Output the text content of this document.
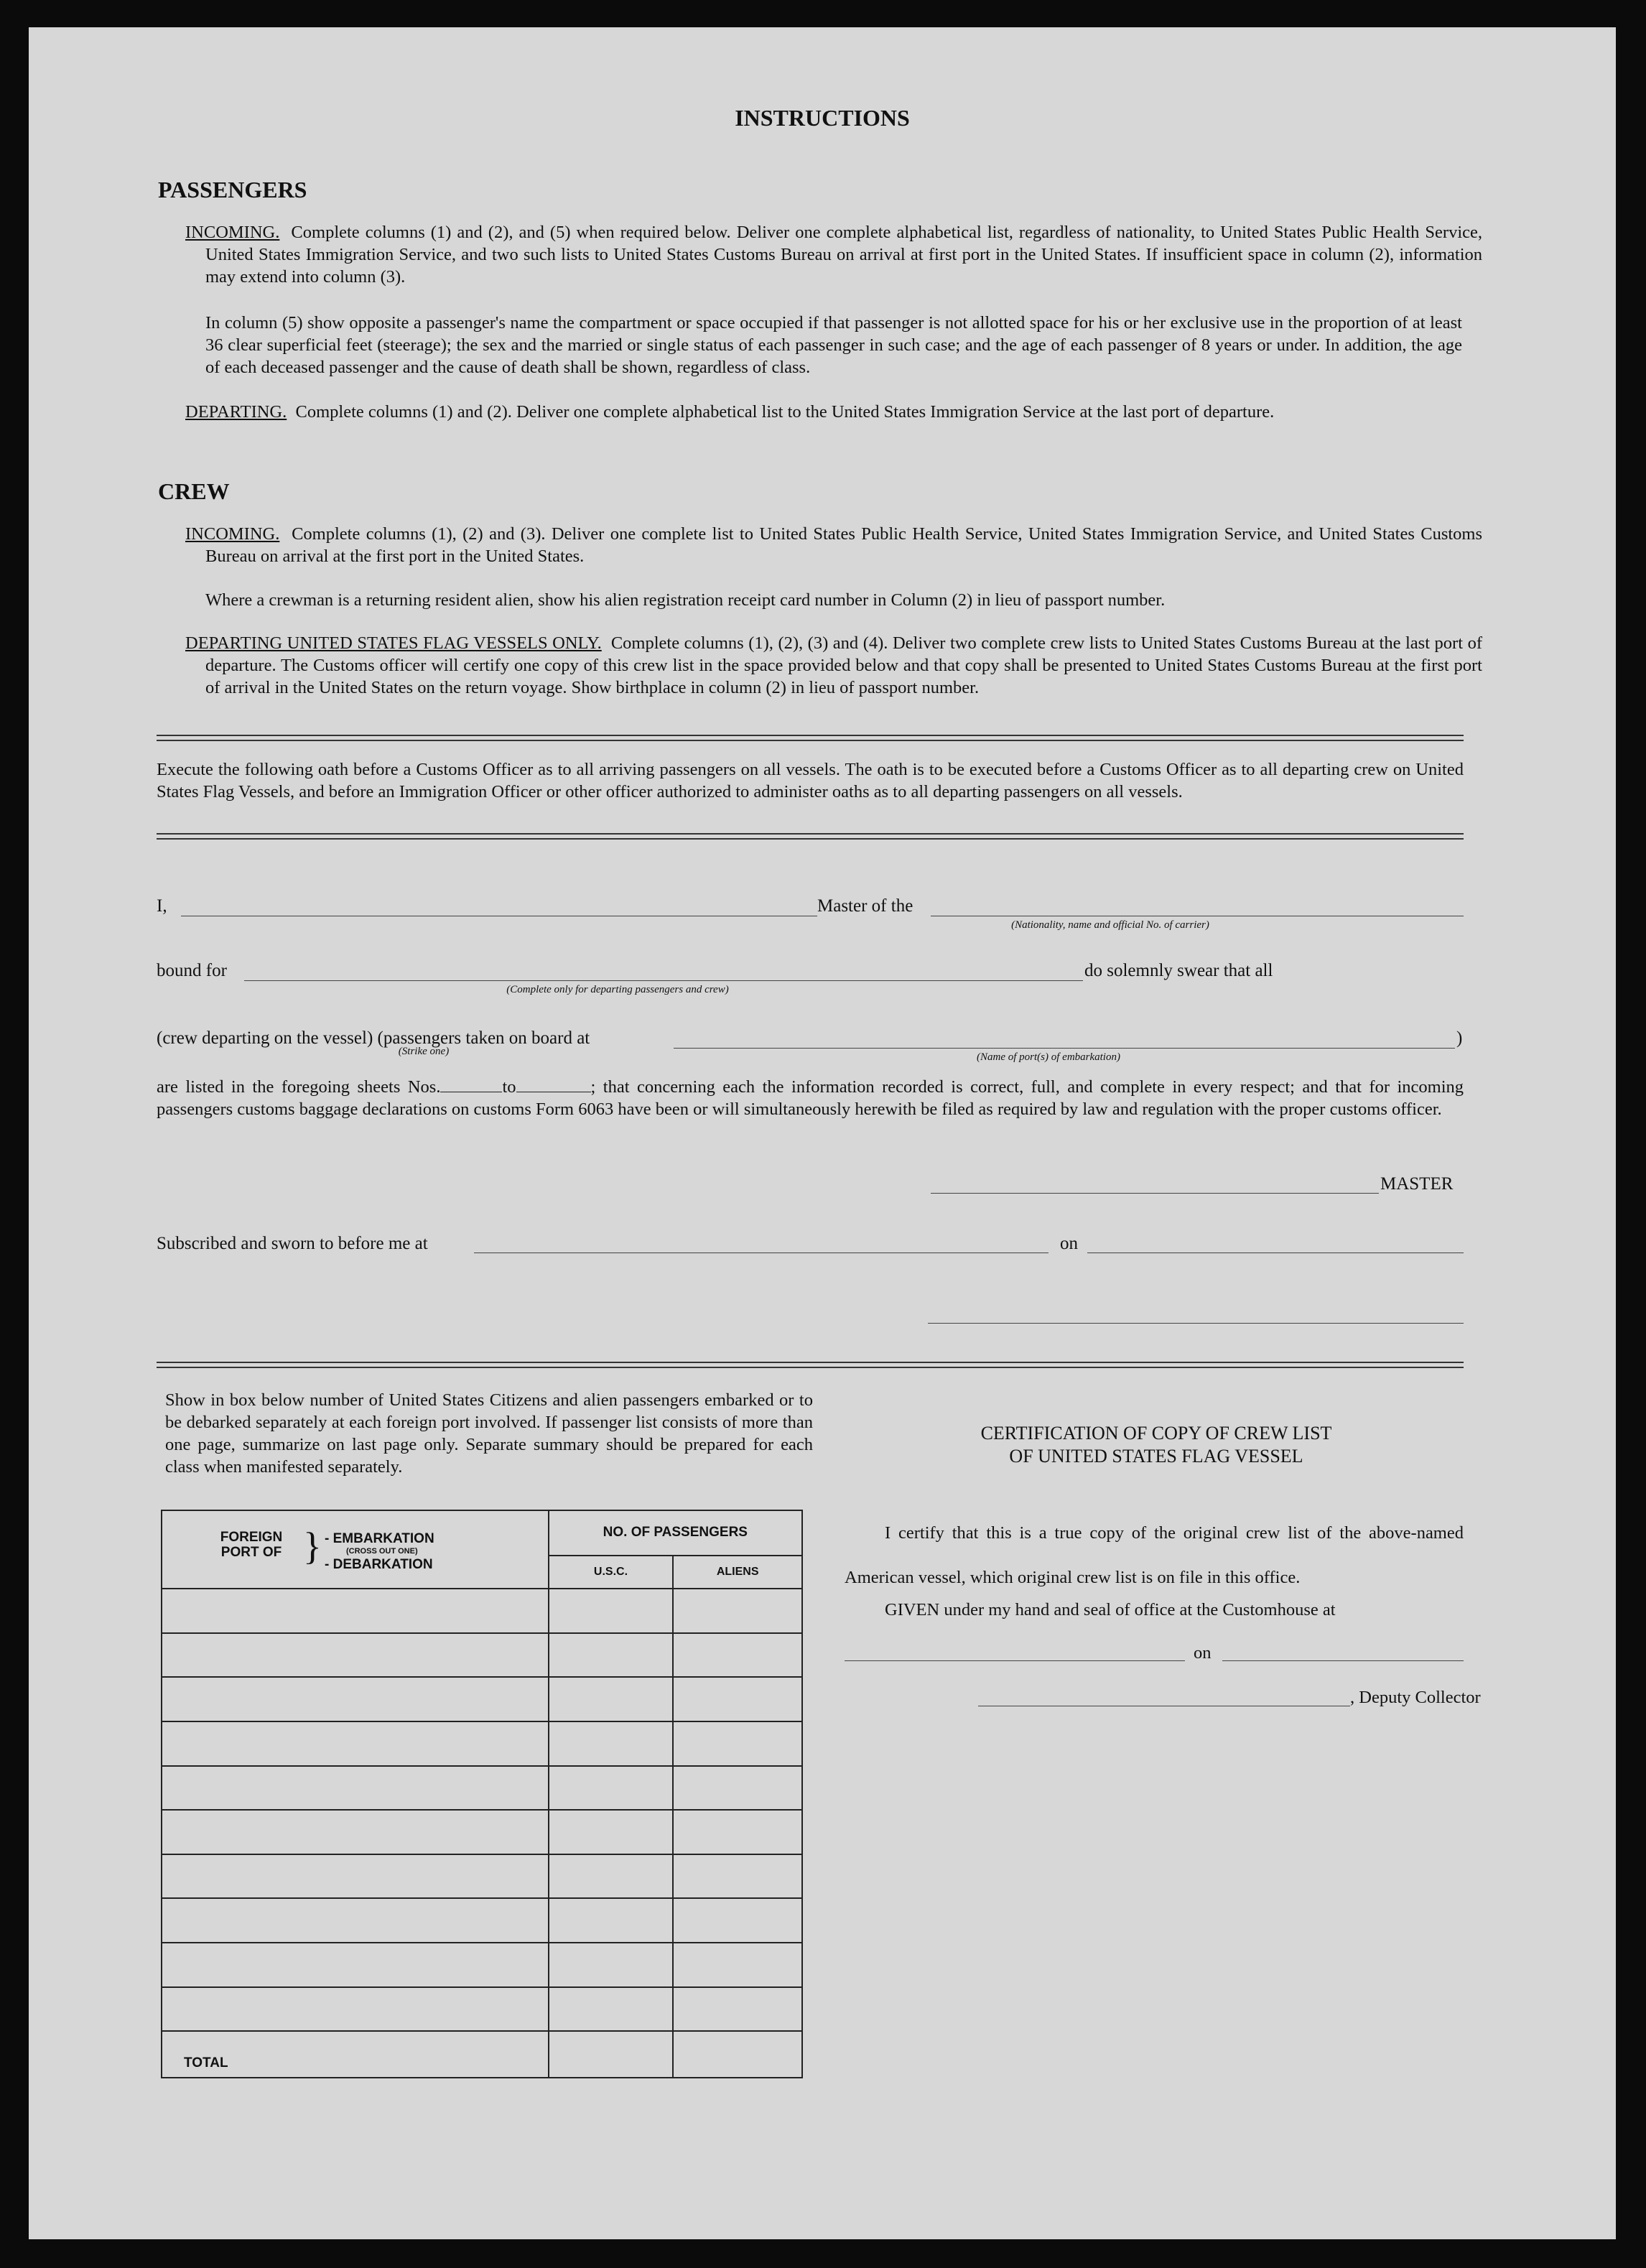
INSTRUCTIONS
PASSENGERS
INCOMING. Complete columns (1) and (2), and (5) when required below. Deliver one complete alphabetical list, regardless of nationality, to United States Public Health Service, United States Immigration Service, and two such lists to United States Customs Bureau on arrival at first port in the United States. If insufficient space in column (2), information may extend into column (3).
In column (5) show opposite a passenger's name the compartment or space occupied if that passenger is not allotted space for his or her exclusive use in the proportion of at least 36 clear superficial feet (steerage); the sex and the married or single status of each passenger in such case; and the age of each passenger of 8 years or under. In addition, the age of each deceased passenger and the cause of death shall be shown, regardless of class.
DEPARTING. Complete columns (1) and (2). Deliver one complete alphabetical list to the United States Immigration Service at the last port of departure.
CREW
INCOMING. Complete columns (1), (2) and (3). Deliver one complete list to United States Public Health Service, United States Immigration Service, and United States Customs Bureau on arrival at the first port in the United States.
Where a crewman is a returning resident alien, show his alien registration receipt card number in Column (2) in lieu of passport number.
DEPARTING UNITED STATES FLAG VESSELS ONLY. Complete columns (1), (2), (3) and (4). Deliver two complete crew lists to United States Customs Bureau at the last port of departure. The Customs officer will certify one copy of this crew list in the space provided below and that copy shall be presented to United States Customs Bureau at the first port of arrival in the United States on the return voyage. Show birthplace in column (2) in lieu of passport number.
Execute the following oath before a Customs Officer as to all arriving passengers on all vessels. The oath is to be executed before a Customs Officer as to all departing crew on United States Flag Vessels, and before an Immigration Officer or other officer authorized to administer oaths as to all departing passengers on all vessels.
I,	Master of the
(Nationality, name and official No. of carrier)
bound for
(Complete only for departing passengers and crew)
do solemnly swear that all
(crew departing on the vessel) (passengers taken on board at
(Strike one)
)
(Name of port(s) of embarkation)
are listed in the foregoing sheets Nos.	to	; that concerning each the information recorded is correct, full, and complete in every respect; and that for incoming passengers customs baggage declarations on customs Form 6063 have been or will simultaneously herewith be filed as required by law and regulation with the proper customs officer.
MASTER
Subscribed and sworn to before me at	on
Show in box below number of United States Citizens and alien passengers embarked or to be debarked separately at each foreign port involved. If passenger list consists of more than one page, summarize on last page only. Separate summary should be prepared for each class when manifested separately.
FOREIGN PORT OF } - EMBARKATION
(CROSS OUT ONE)
- DEBARKATION	NO. OF PASSENGERS	
	U.S.C.	ALIENS

TOTAL		

CERTIFICATION OF COPY OF CREW LIST
OF UNITED STATES FLAG VESSEL
I certify that this is a true copy of the original crew list of the above-named American vessel, which original crew list is on file in this office.
GIVEN under my hand and seal of office at the Customhouse at
on
, Deputy Collector
